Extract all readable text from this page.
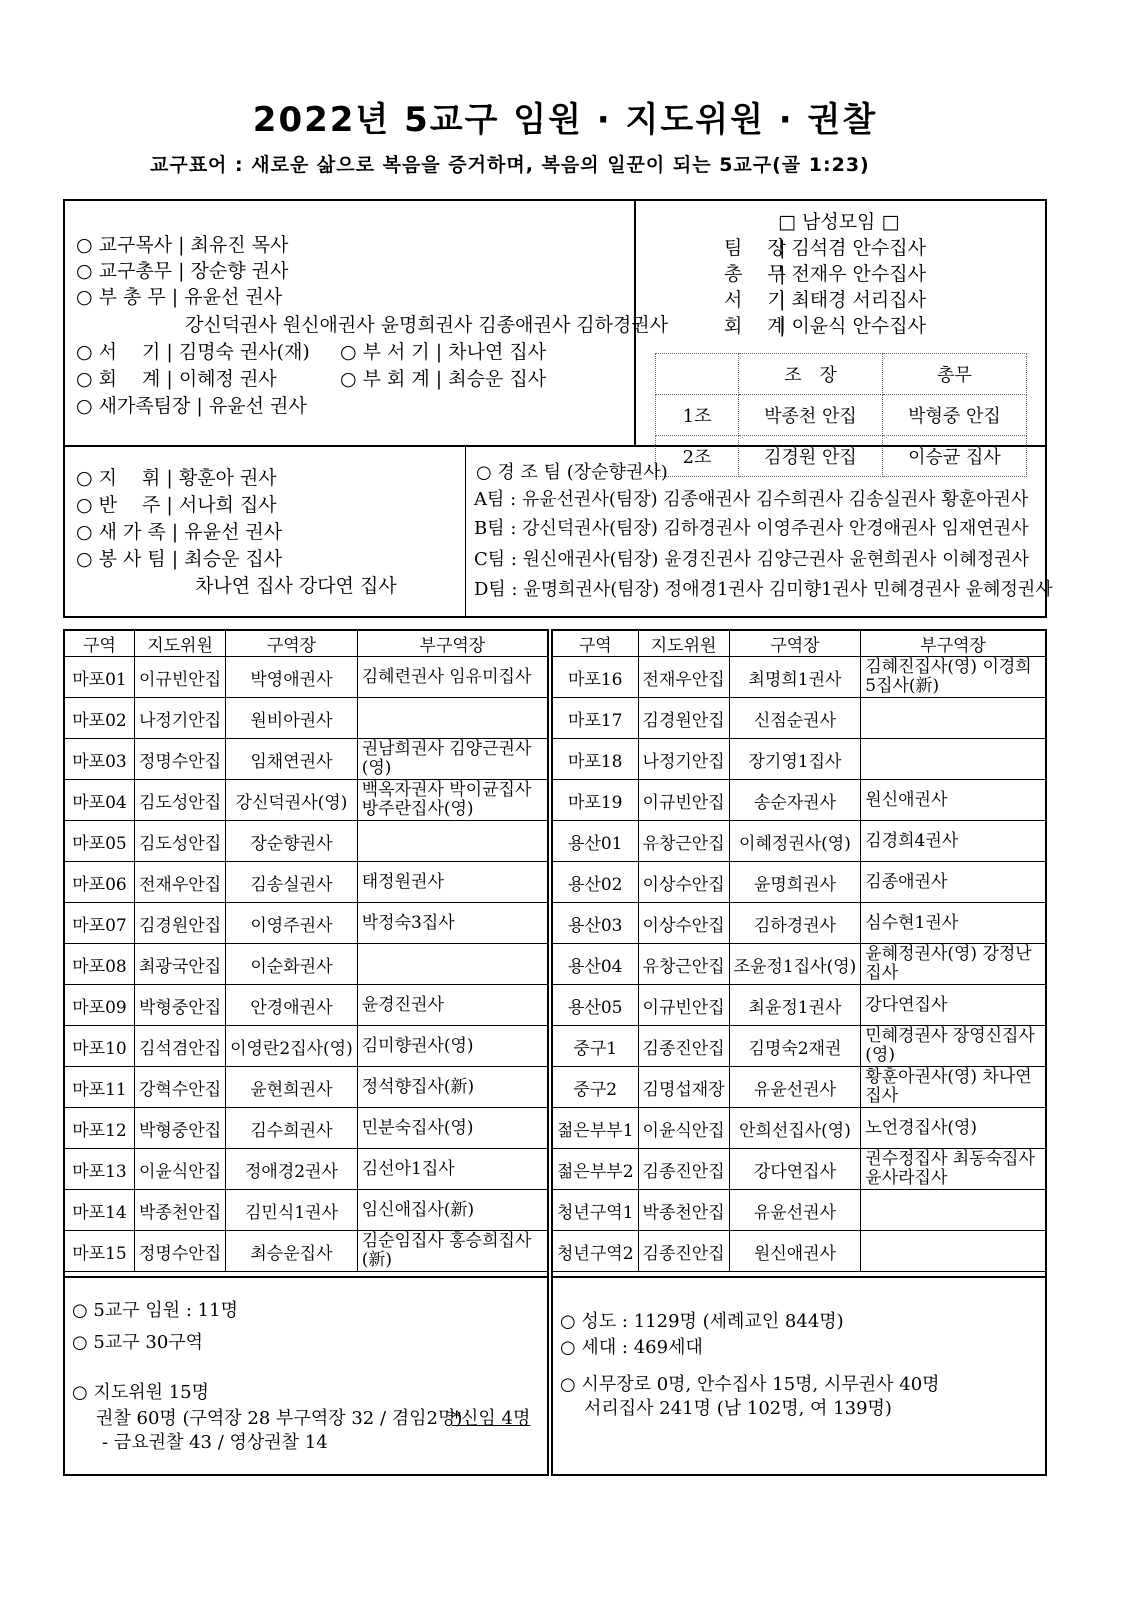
2022년 5교구 임원 · 지도위원 · 권찰
교구표어 : 새로운 삶으로 복음을 증거하며, 복음의 일꾼이 되는 5교구(골 1:23)
○ 교구목사 | 최유진 목사
○ 교구총무 | 장순향 권사
○ 부 총 무 | 유윤선 권사
강신덕권사 원신애권사 윤명희권사 김종애권사 김하경권사
○ 서　 기 | 김명숙 권사(재) ○ 부 서 기 | 차나연 집사
○ 회　 계 | 이혜정 권사	○ 부 회 계 | 최승운 집사
○ 새가족팀장 | 유윤선 권사
□ 남성모임 □
팀　 장
| 김석겸 안수집사
총　 무
| 전재우 안수집사
서　 기
| 최태경 서리집사
회　 계
| 이윤식 안수집사
	조　장	총무
1조	박종천 안집	박형중 안집
2조	김경원 안집	이승균 집사
○ 지　 휘 | 황훈아 권사
○ 반　 주 | 서나희 집사
○ 새 가 족 | 유윤선 권사
○ 봉 사 팀 | 최승운 집사
차나연 집사 강다연 집사
○ 경 조 팀 (장순향권사)
A팀 : 유윤선권사(팀장) 김종애권사 김수희권사 김송실권사 황훈아권사
B팀 : 강신덕권사(팀장) 김하경권사 이영주권사 안경애권사 임재연권사
C팀 : 원신애권사(팀장) 윤경진권사 김양근권사 윤현희권사 이혜정권사
D팀 : 윤명희권사(팀장) 정애경1권사 김미향1권사 민혜경권사 윤혜정권사
구역	지도위원	구역장	부구역장
마포01	이규빈안집	박영애권사	김혜련권사 임유미집사
마포02	나정기안집	원비아권사	
마포03	정명수안집	임채연권사	권남희권사 김양근권사(영)
마포04	김도성안집	강신덕권사(영)	백옥자권사 박이균집사 방주란집사(영)
마포05	김도성안집	장순향권사	
마포06	전재우안집	김송실권사	태정원권사
마포07	김경원안집	이영주권사	박정숙3집사
마포08	최광국안집	이순화권사	
마포09	박형중안집	안경애권사	윤경진권사
마포10	김석겸안집	이영란2집사(영)	김미향권사(영)
마포11	강혁수안집	윤현희권사	정석향집사(新)
마포12	박형중안집	김수희권사	민분숙집사(영)
마포13	이윤식안집	정애경2권사	김선아1집사
마포14	박종천안집	김민식1권사	임신애집사(新)
마포15	정명수안집	최승운집사	김순임집사 홍승희집사(新)
구역	지도위원	구역장	부구역장
마포16	전재우안집	최명희1권사	김혜진집사(영) 이경희5집사(新)
마포17	김경원안집	신점순권사	
마포18	나정기안집	장기영1집사	
마포19	이규빈안집	송순자권사	원신애권사
용산01	유창근안집	이혜정권사(영)	김경희4권사
용산02	이상수안집	윤명희권사	김종애권사
용산03	이상수안집	김하경권사	심수현1권사
용산04	유창근안집	조윤정1집사(영)	윤혜정권사(영) 강정난집사
용산05	이규빈안집	최윤정1권사	강다연집사
중구1	김종진안집	김명숙2재권	민혜경권사 장영신집사(영)
중구2	김명섭재장	유윤선권사	황훈아권사(영) 차나연집사
젊은부부1	이윤식안집	안희선집사(영)	노언경집사(영)
젊은부부2	김종진안집	강다연집사	권수정집사 최동숙집사 윤사라집사
청년구역1	박종천안집	유윤선권사	
청년구역2	김종진안집	원신애권사	
○ 5교구 임원 : 11명
○ 5교구 30구역
○ 지도위원 15명
권찰 60명 (구역장 28 부구역장 32 / 겸임2명)
*신임 4명
- 금요권찰 43 / 영상권찰 14
○ 성도 : 1129명 (세례교인 844명)
○ 세대 : 469세대
○ 시무장로 0명, 안수집사 15명, 시무권사 40명
서리집사 241명 (남 102명, 여 139명)
